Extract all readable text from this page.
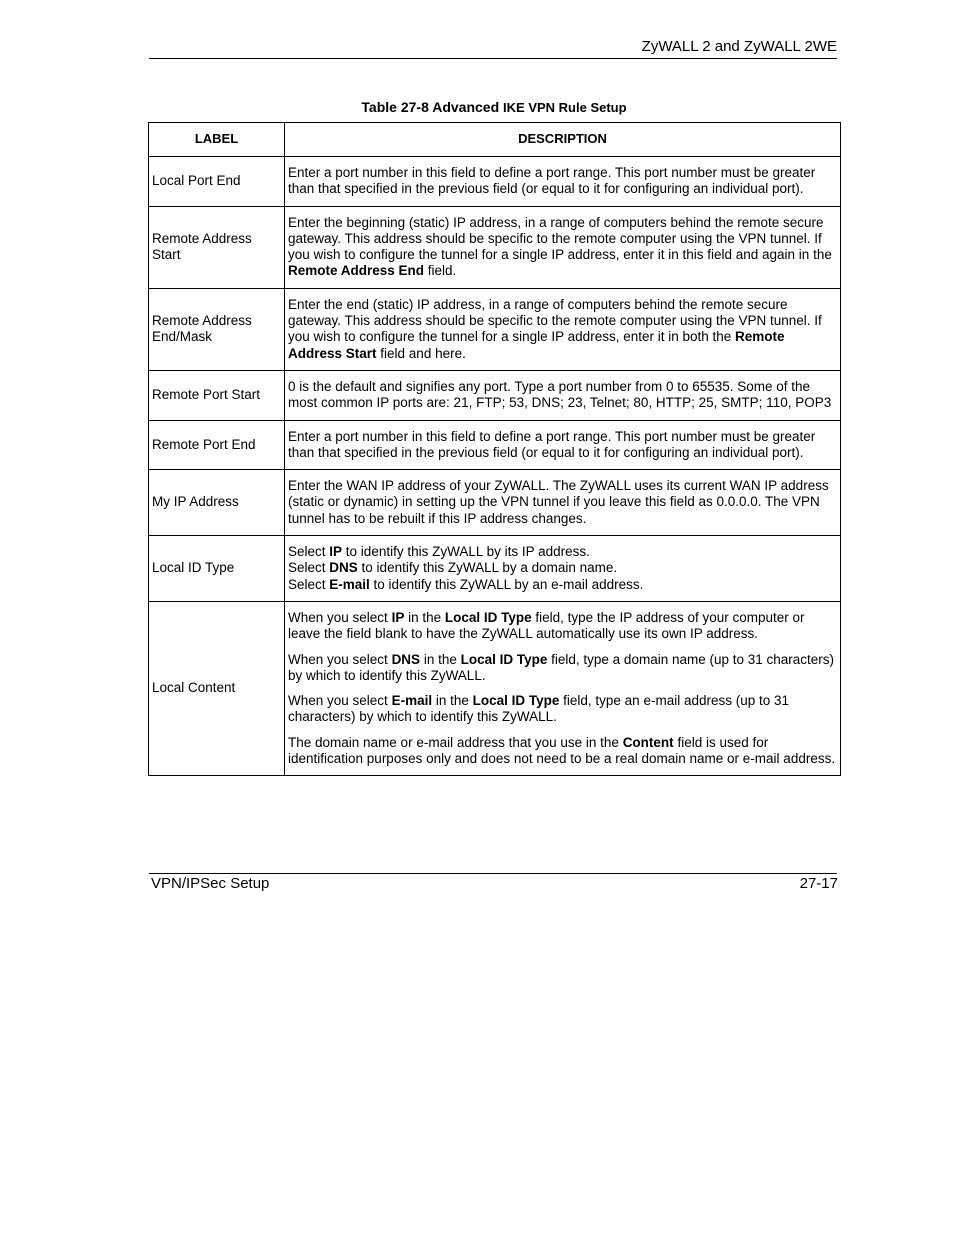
ZyWALL 2 and ZyWALL 2WE
Table 27-8 Advanced IKE VPN Rule Setup
LABEL	DESCRIPTION
Local Port End	Enter a port number in this field to define a port range. This port number must be greater than that specified in the previous field (or equal to it for configuring an individual port).

Remote Address Start	Enter the beginning (static) IP address, in a range of computers behind the remote secure gateway. This address should be specific to the remote computer using the VPN tunnel. If you wish to configure the tunnel for a single IP address, enter it in this field and again in the Remote Address End field.

Remote Address End/Mask	Enter the end (static) IP address, in a range of computers behind the remote secure gateway. This address should be specific to the remote computer using the VPN tunnel. If you wish to configure the tunnel for a single IP address, enter it in both the Remote Address Start field and here.

Remote Port Start	0 is the default and signifies any port. Type a port number from 0 to 65535. Some of the most common IP ports are: 21, FTP; 53, DNS; 23, Telnet; 80, HTTP; 25, SMTP; 110, POP3

Remote Port End	Enter a port number in this field to define a port range. This port number must be greater than that specified in the previous field (or equal to it for configuring an individual port).

My IP Address	Enter the WAN IP address of your ZyWALL. The ZyWALL uses its current WAN IP address (static or dynamic) in setting up the VPN tunnel if you leave this field as 0.0.0.0. The VPN tunnel has to be rebuilt if this IP address changes.

Local ID Type	Select IP to identify this ZyWALL by its IP address.
Select DNS to identify this ZyWALL by a domain name.
Select E-mail to identify this ZyWALL by an e-mail address.

Local Content	When you select IP in the Local ID Type field, type the IP address of your computer or leave the field blank to have the ZyWALL automatically use its own IP address.

When you select DNS in the Local ID Type field, type a domain name (up to 31 characters) by which to identify this ZyWALL.

When you select E-mail in the Local ID Type field, type an e-mail address (up to 31 characters) by which to identify this ZyWALL.

The domain name or e-mail address that you use in the Content field is used for identification purposes only and does not need to be a real domain name or e-mail address.

VPN/IPSec Setup	27-17
